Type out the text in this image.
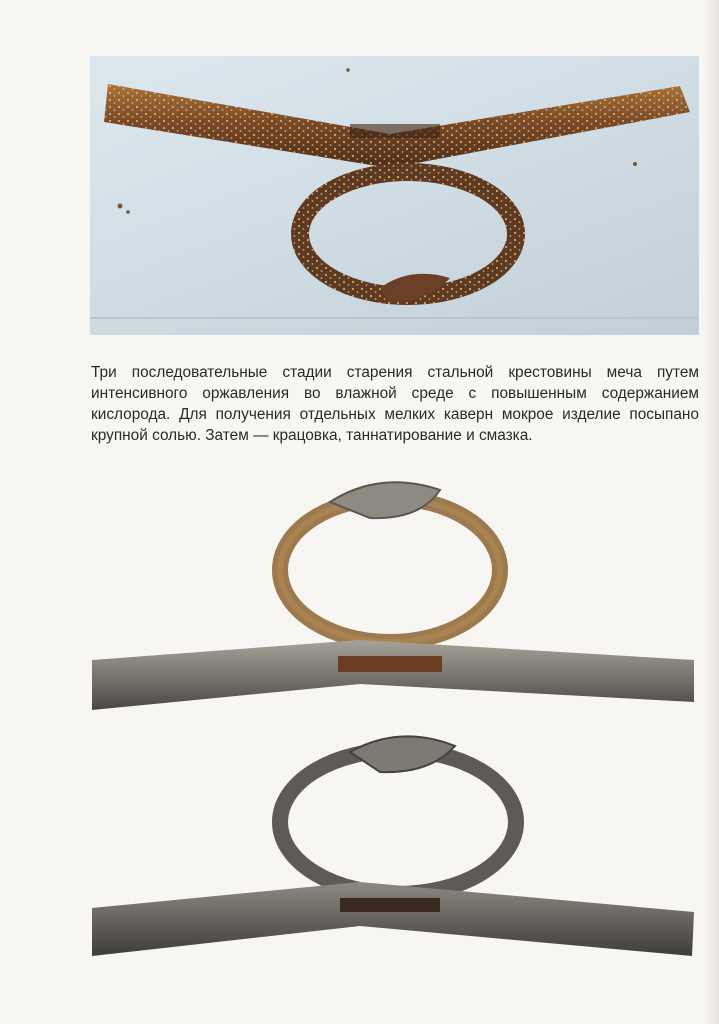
Три последовательные стадии старения стальной крестовины меча путем интенсивного оржавления во влажной среде с повышенным содержанием кислорода. Для получения отдельных мелких каверн мокрое изделие посыпано крупной солью. Затем — крацовка, таннатирование и смазка.
